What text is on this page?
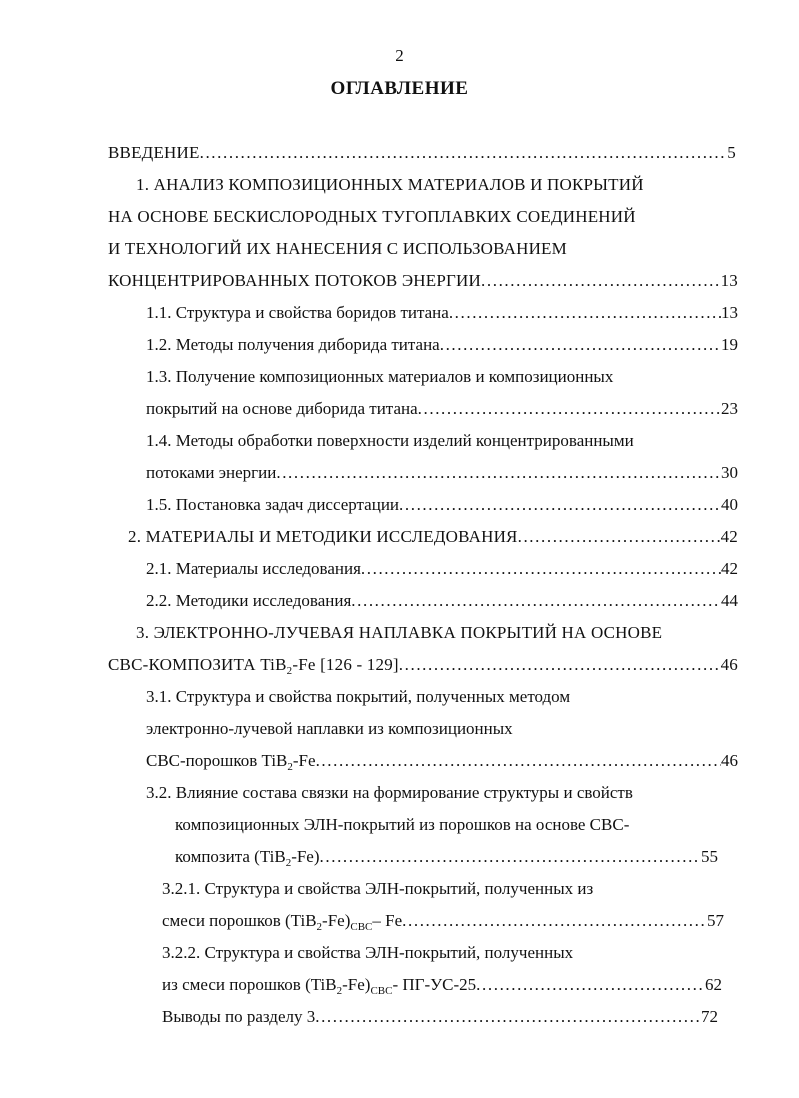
2
ОГЛАВЛЕНИЕ
ВВЕДЕНИЕ .....	5
1. АНАЛИЗ КОМПОЗИЦИОННЫХ МАТЕРИАЛОВ И ПОКРЫТИЙ
НА ОСНОВЕ БЕСКИСЛОРОДНЫХ ТУГОПЛАВКИХ СОЕДИНЕНИЙ
И ТЕХНОЛОГИЙ ИХ НАНЕСЕНИЯ С ИСПОЛЬЗОВАНИЕМ
КОНЦЕНТРИРОВАННЫХ ПОТОКОВ ЭНЕРГИИ .....	13
1.1. Структура и свойства боридов титана .....	13
1.2. Методы получения диборида титана .....	19
1.3. Получение композиционных материалов и композиционных
покрытий на основе диборида титана .....	23
1.4. Методы обработки поверхности изделий концентрированными
потоками энергии .....	30
1.5. Постановка задач диссертации .....	40
2. МАТЕРИАЛЫ И МЕТОДИКИ ИССЛЕДОВАНИЯ .....	42
2.1. Материалы исследования .....	42
2.2. Методики исследования .....	44
3. ЭЛЕКТРОННО-ЛУЧЕВАЯ НАПЛАВКА ПОКРЫТИЙ НА ОСНОВЕ
СВС-КОМПОЗИТА TiB$_2$-Fe [126 - 129] .....	46
3.1. Структура и свойства покрытий, полученных методом
электронно-лучевой наплавки из композиционных
СВС-порошков TiB$_2$-Fe .....	46
3.2. Влияние состава связки на формирование структуры и свойств
композиционных ЭЛН-покрытий из порошков на основе СВС-
композита (TiB$_2$-Fe) .....	55
3.2.1. Структура и свойства ЭЛН-покрытий, полученных из
смеси порошков $(TiB_2-Fe)_{СВС}-$ Fe .....	57
3.2.2. Структура и свойства ЭЛН-покрытий, полученных
из смеси порошков $(TiB_2-Fe)_{СВС}-$ ПГ-УС-25 .....	62
Выводы по разделу 3 .....	72
